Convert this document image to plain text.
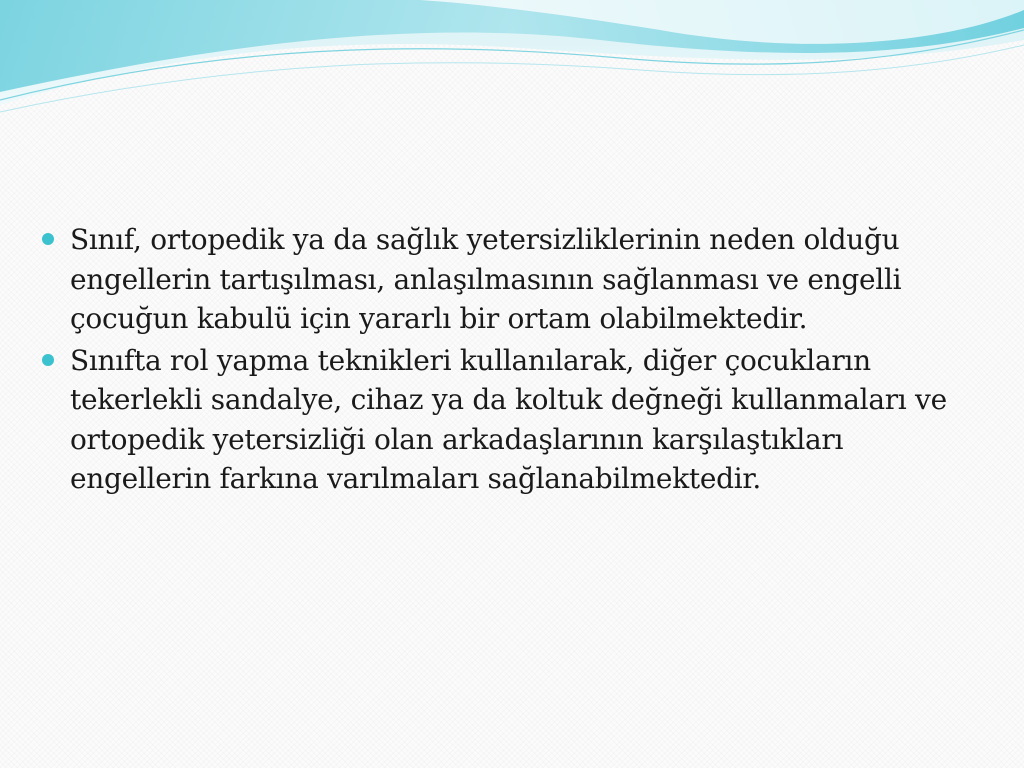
Sınıf, ortopedik ya da sağlık yetersizliklerinin neden olduğu engellerin tartışılması, anlaşılmasının sağlanması ve engelli çocuğun kabulü için yararlı bir ortam olabilmektedir.
Sınıfta rol yapma teknikleri kullanılarak, diğer çocukların tekerlekli sandalye, cihaz ya da koltuk değneği kullanmaları ve ortopedik yetersizliği olan arkadaşlarının karşılaştıkları engellerin farkına varılmaları sağlanabilmektedir.
